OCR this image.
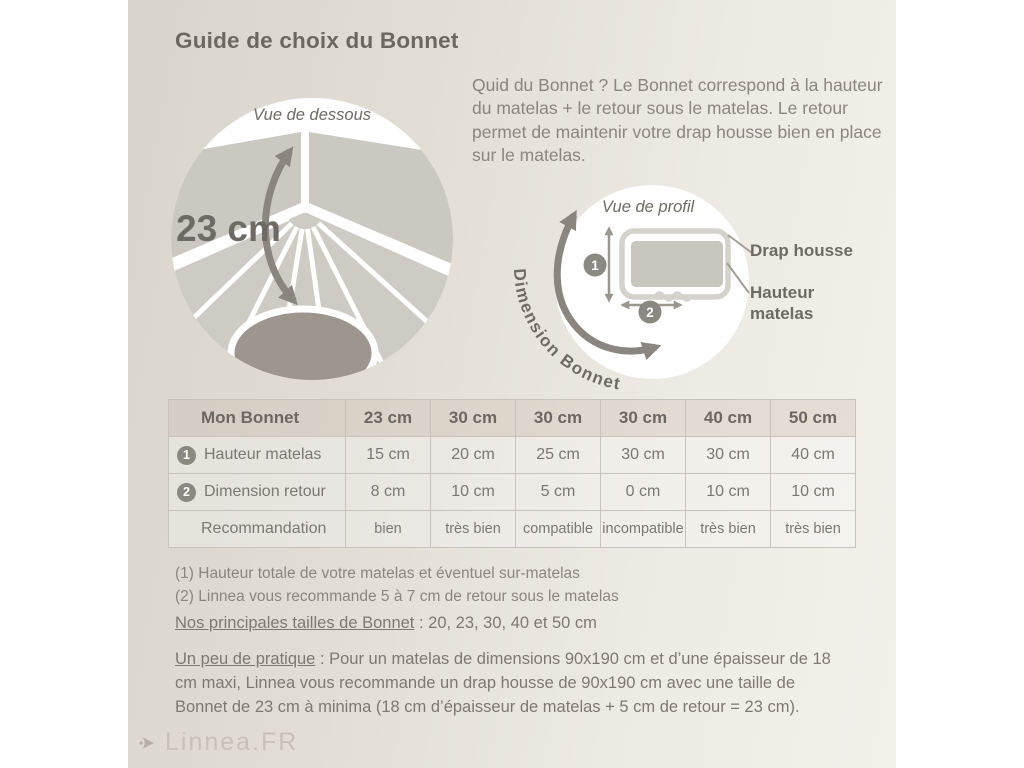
Guide de choix du Bonnet
Quid du Bonnet ? Le Bonnet correspond à la hauteur du matelas + le retour sous le matelas. Le retour permet de maintenir votre drap housse bien en place sur le matelas.
Vue de dessous
23 cm
Dimension Bonnet
1
2
Vue de profil
Drap housse
Hauteur matelas
Mon Bonnet	23 cm	30 cm	30 cm	30 cm	40 cm	50 cm

1 Hauteur matelas	15 cm	20 cm	25 cm	30 cm	30 cm	40 cm

2 Dimension retour	8 cm	10 cm	5 cm	0 cm	10 cm	10 cm

Recommandation	bien	très bien	compatible	incompatible	très bien	très bien
(1) Hauteur totale de votre matelas et éventuel sur-matelas
(2) Linnea vous recommande 5 à 7 cm de retour sous le matelas
Nos principales tailles de Bonnet : 20, 23, 30, 40 et 50 cm
Un peu de pratique : Pour un matelas de dimensions 90x190 cm et d’une épaisseur de 18 cm maxi, Linnea vous recommande un drap housse de 90x190 cm avec une taille de Bonnet de 23 cm à minima (18 cm d’épaisseur de matelas + 5 cm de retour = 23 cm).
Linnea.FR
